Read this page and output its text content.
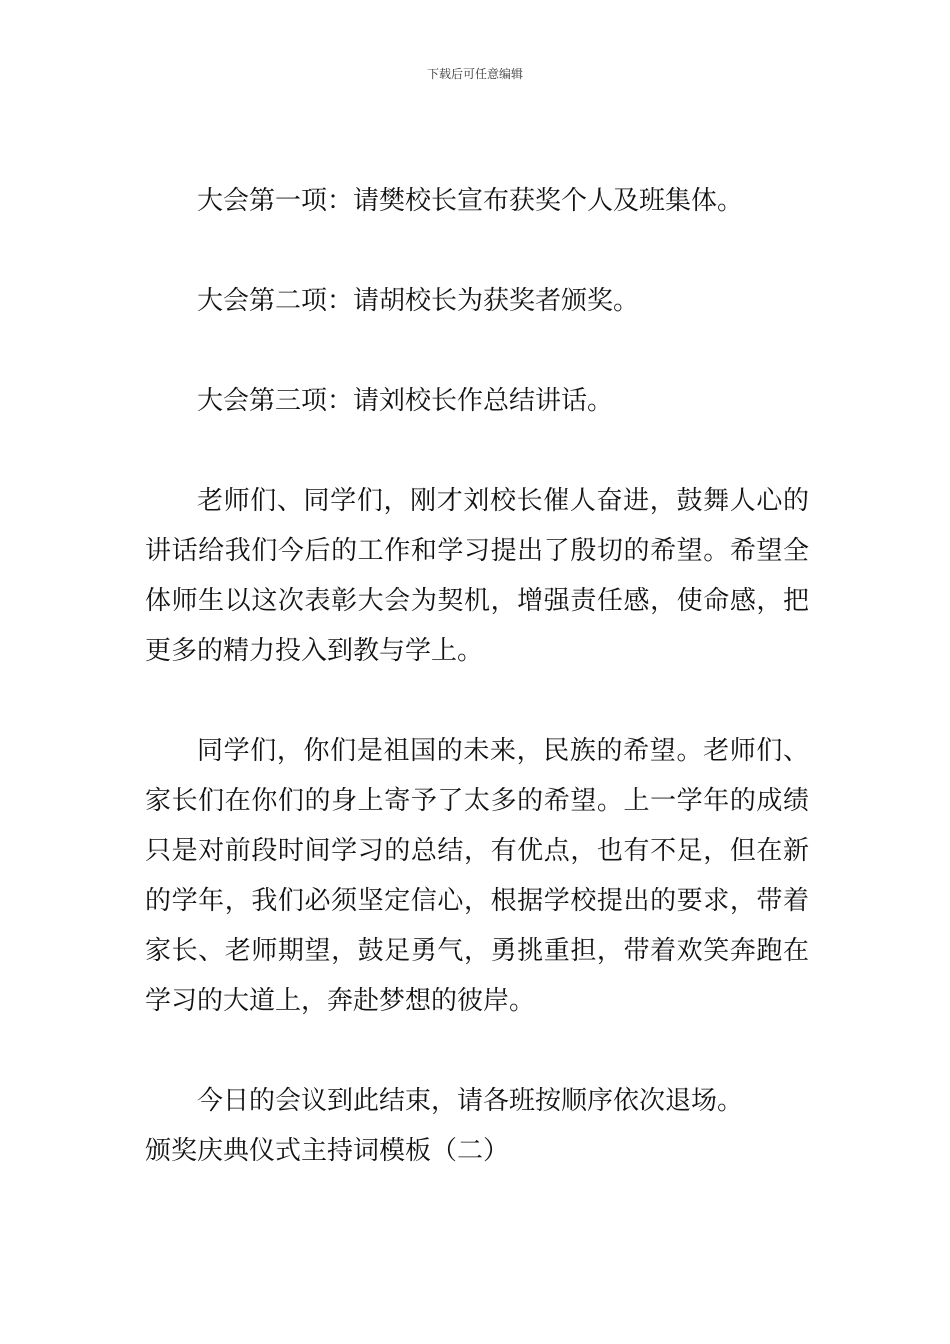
下载后可任意编辑

大会第一项：请樊校长宣布获奖个人及班集体。

大会第二项：请胡校长为获奖者颁奖。

大会第三项：请刘校长作总结讲话。

老师们、同学们，刚才刘校长催人奋进，鼓舞人心的讲话给我们今后的工作和学习提出了殷切的希望。希望全体师生以这次表彰大会为契机，增强责任感，使命感，把更多的精力投入到教与学上。

同学们，你们是祖国的未来，民族的希望。老师们、家长们在你们的身上寄予了太多的希望。上一学年的成绩只是对前段时间学习的总结，有优点，也有不足，但在新的学年，我们必须坚定信心，根据学校提出的要求，带着家长、老师期望，鼓足勇气，勇挑重担，带着欢笑奔跑在学习的大道上，奔赴梦想的彼岸。

今日的会议到此结束，请各班按顺序依次退场。

颁奖庆典仪式主持词模板（二）
